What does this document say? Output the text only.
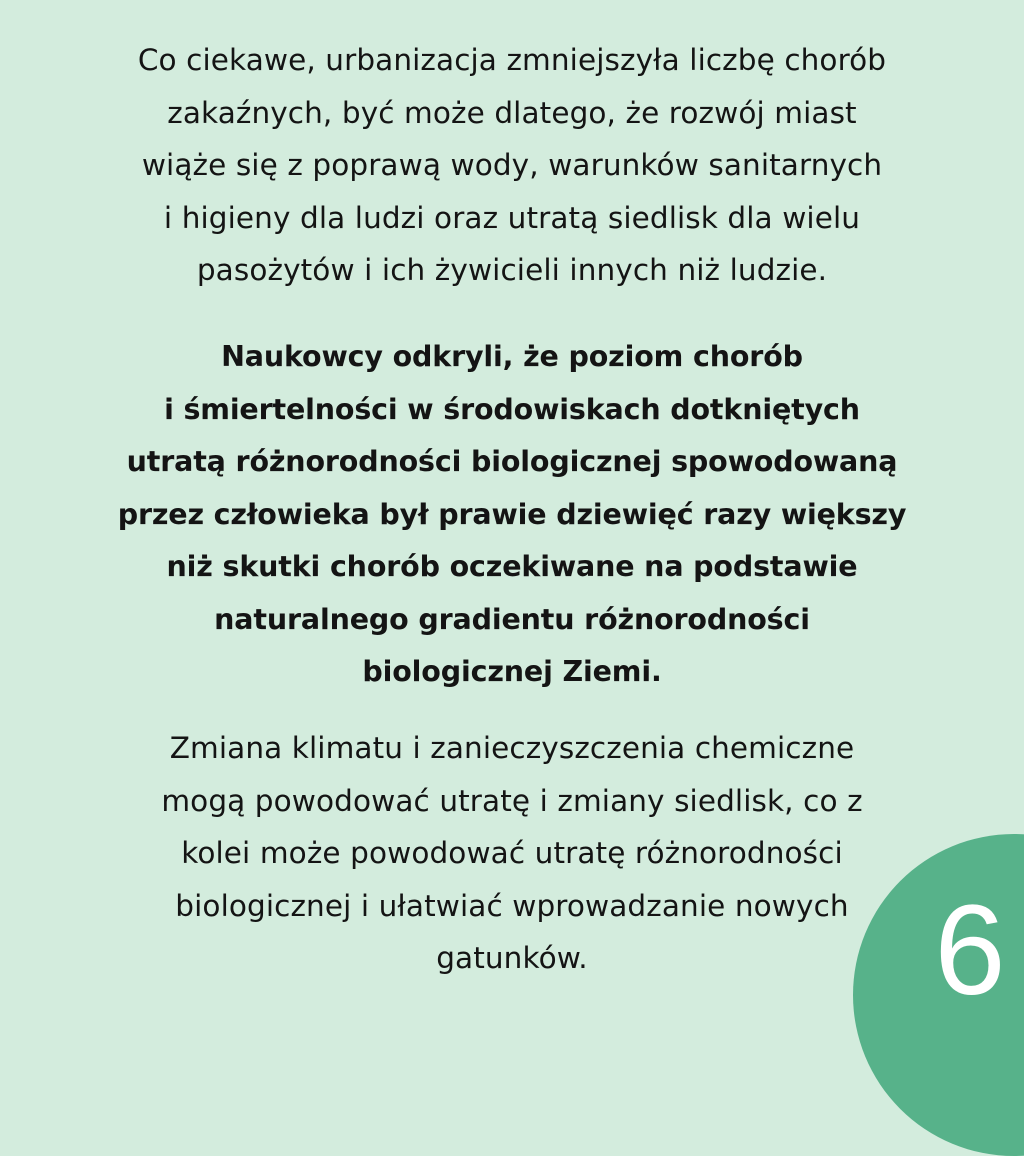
Co ciekawe, urbanizacja zmniejszyła liczbę chorób
zakaźnych, być może dlatego, że rozwój miast
wiąże się z poprawą wody, warunków sanitarnych
i higieny dla ludzi oraz utratą siedlisk dla wielu
pasożytów i ich żywicieli innych niż ludzie.
Naukowcy odkryli, że poziom chorób
i śmiertelności w środowiskach dotkniętych
utratą różnorodności biologicznej spowodowaną
przez człowieka był prawie dziewięć razy większy
niż skutki chorób oczekiwane na podstawie
naturalnego gradientu różnorodności
biologicznej Ziemi.
Zmiana klimatu i zanieczyszczenia chemiczne
mogą powodować utratę i zmiany siedlisk, co z
kolei może powodować utratę różnorodności
biologicznej i ułatwiać wprowadzanie nowych
gatunków.	6
